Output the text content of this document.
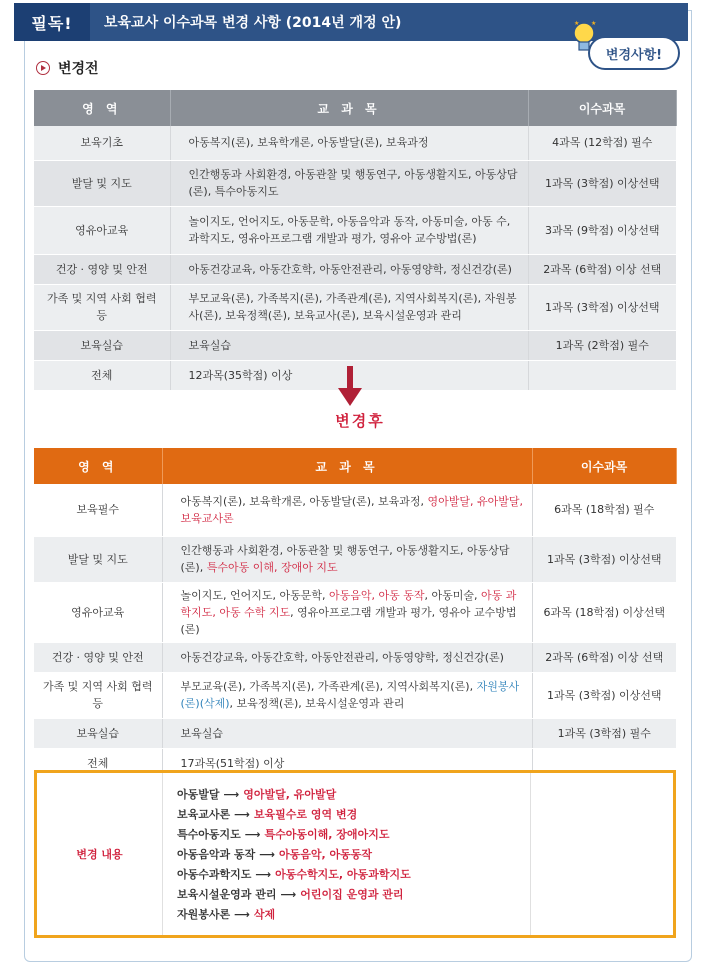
필독!	보육교사 이수과목 변경 사항 (2014년 개정 안)	★ ★
변경사항!
변경전
영 역	교 과 목	이수과목
보육기초	아동복지(론), 보육학개론, 아동발달(론), 보육과정	4과목 (12학점) 필수
발달 및 지도	인간행동과 사회환경, 아동관찰 및 행동연구, 아동생활지도, 아동상담(론), 특수아동지도	1과목 (3학점) 이상선택
영유아교육	놀이지도, 언어지도, 아동문학, 아동음악과 동작, 아동미술, 아동 수, 과학지도, 영유아프로그램 개발과 평가, 영유아 교수방법(론)	3과목 (9학점) 이상선택
건강 · 영양 및 안전	아동건강교육, 아동간호학, 아동안전관리, 아동영양학, 정신건강(론)	2과목 (6학점) 이상 선택
가족 및 지역 사회 협력 등	부모교육(론), 가족복지(론), 가족관계(론), 지역사회복지(론), 자원봉사(론), 보육정책(론), 보육교사(론), 보육시설운영과 관리	1과목 (3학점) 이상선택
보육실습	보육실습	1과목 (2학점) 필수
전체	12과목(35학점) 이상	
변경후
영 역	교 과 목	이수과목
보육필수	아동복지(론), 보육학개론, 아동발달(론), 보육과정, 영아발달, 유아발달, 보육교사론	6과목 (18학점) 필수
발달 및 지도	인간행동과 사회환경, 아동관찰 및 행동연구, 아동생활지도, 아동상담(론), 특수아동 이해, 장애아 지도	1과목 (3학점) 이상선택
영유아교육	놀이지도, 언어지도, 아동문학, 아동음악, 아동 동작, 아동미술, 아동 과학지도, 아동 수학 지도, 영유아프로그램 개발과 평가, 영유아 교수방법(론)	6과목 (18학점) 이상선택
건강 · 영양 및 안전	아동건강교육, 아동간호학, 아동안전관리, 아동영양학, 정신건강(론)	2과목 (6학점) 이상 선택
가족 및 지역 사회 협력 등	부모교육(론), 가족복지(론), 가족관계(론), 지역사회복지(론), 자원봉사(론)(삭제), 보육정책(론), 보육시설운영과 관리	1과목 (3학점) 이상선택
보육실습	보육실습	1과목 (3학점) 필수
전체	17과목(51학점) 이상	
변경 내용
아동발달 ⟶ 영아발달, 유아발달
보육교사론 ⟶ 보육필수로 영역 변경
특수아동지도 ⟶ 특수아동이해, 장애아지도
아동음악과 동작 ⟶ 아동음악, 아동동작
아동수과학지도 ⟶ 아동수학지도, 아동과학지도
보육시설운영과 관리 ⟶ 어린이집 운영과 관리
자원봉사론 ⟶ 삭제
